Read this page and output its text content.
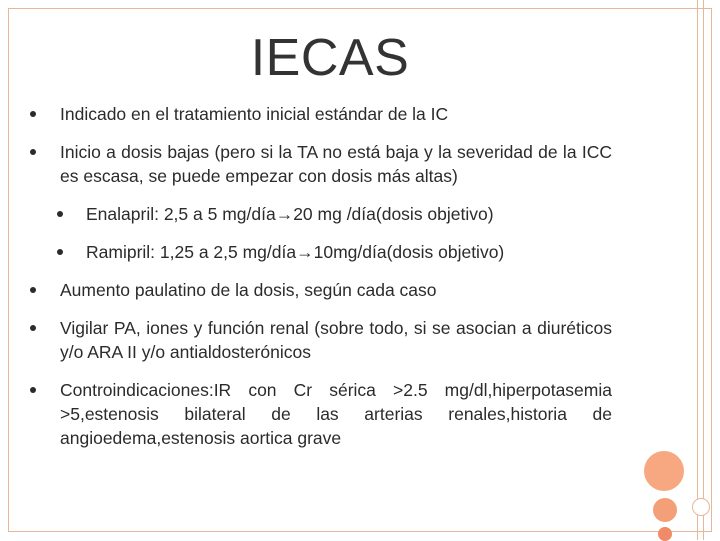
IECAS
Indicado en el tratamiento inicial estándar de la IC
Inicio a dosis bajas (pero si la TA no está baja y la severidad de la ICC es escasa, se puede empezar con dosis más altas)
Enalapril: 2,5 a 5 mg/día→20 mg /día(dosis objetivo)
Ramipril: 1,25 a 2,5 mg/día→10mg/día(dosis objetivo)
Aumento paulatino de la dosis, según cada caso
Vigilar PA, iones y función renal (sobre todo, si se asocian a diuréticos y/o ARA II y/o antialdosterónicos
Controindicaciones:IR con Cr sérica >2.5 mg/dl,hiperpotasemia >5,estenosis bilateral de las arterias renales,historia de angioedema,estenosis aortica grave
